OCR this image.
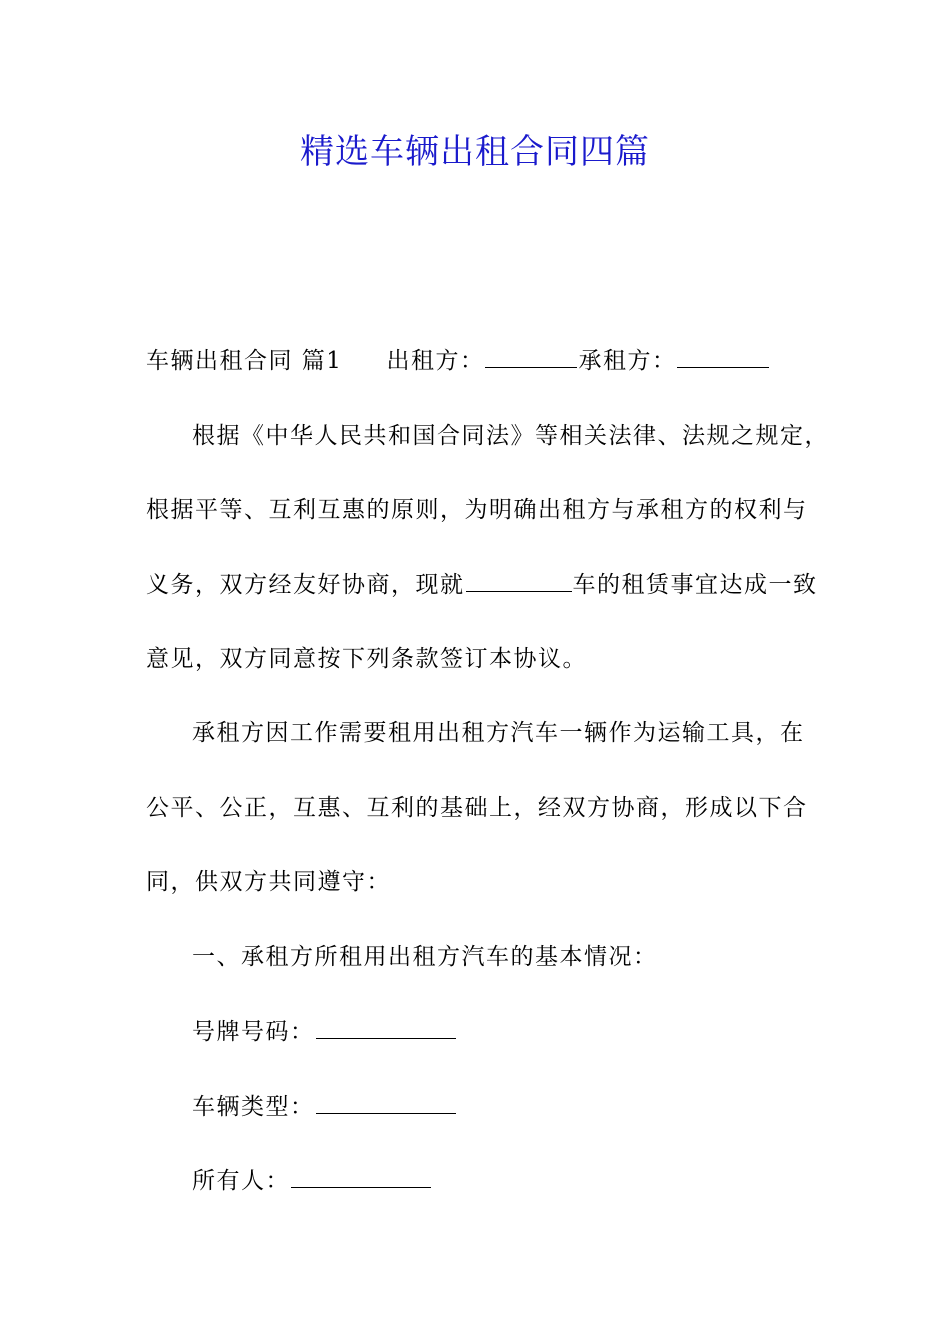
精选车辆出租合同四篇
车辆出租合同 篇1 出租方：	承租方：
根据《中华人民共和国合同法》等相关法律、法规之规定，
根据平等、互利互惠的原则，为明确出租方与承租方的权利与
义务，双方经友好协商，现就	车的租赁事宜达成一致
意见，双方同意按下列条款签订本协议。
承租方因工作需要租用出租方汽车一辆作为运输工具，在
公平、公正，互惠、互利的基础上，经双方协商，形成以下合
同，供双方共同遵守：
一、承租方所租用出租方汽车的基本情况：
号牌号码：
车辆类型：
所有人：
